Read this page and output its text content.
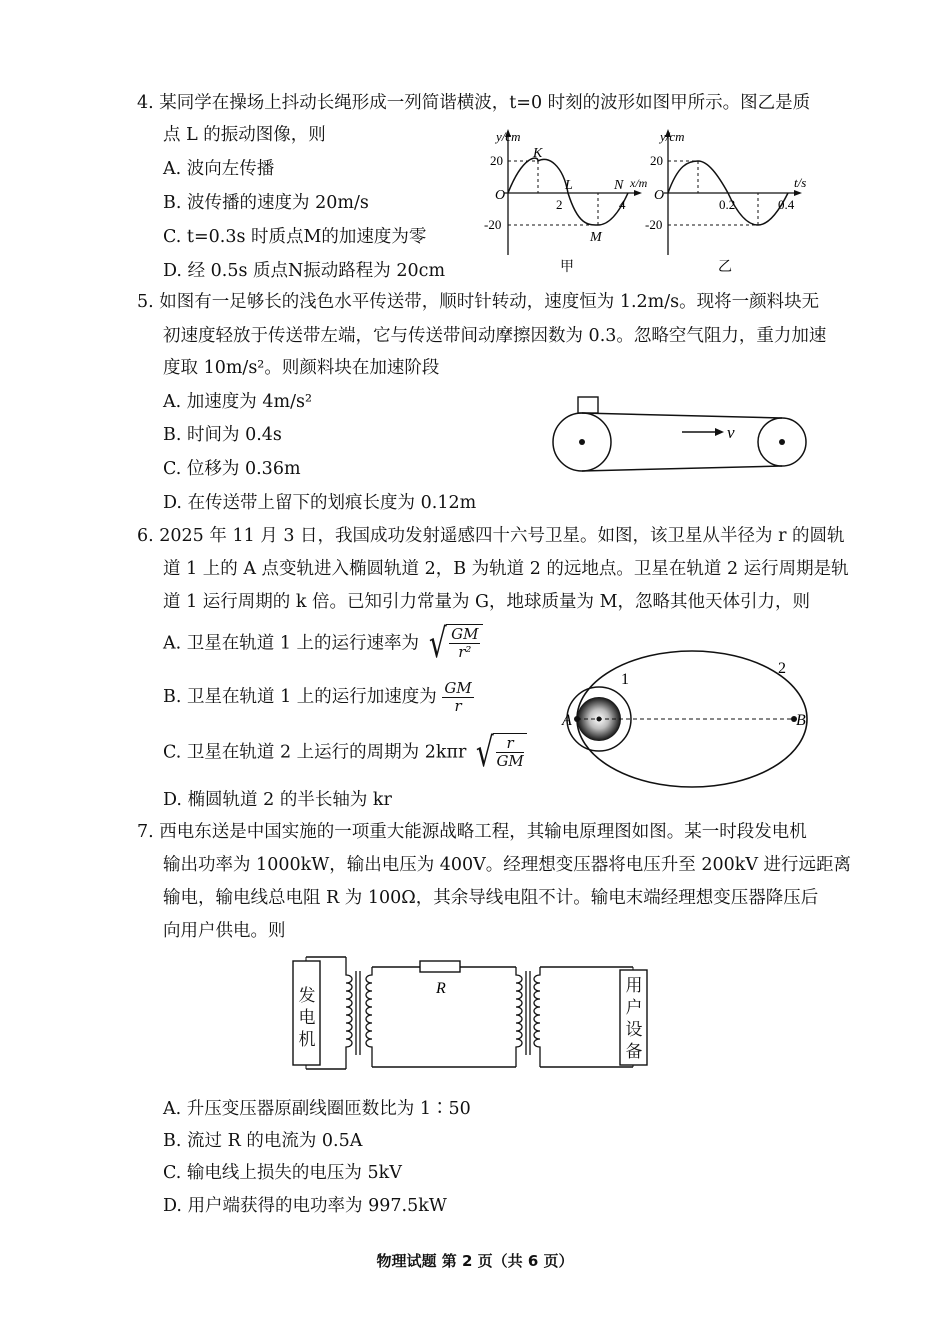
4. 某同学在操场上抖动长绳形成一列简谐横波，t=0 时刻的波形如图甲所示。图乙是质
点 L 的振动图像，则
A. 波向左传播
B. 波传播的速度为 20m/s
C. t=0.3s 时质点M的加速度为零
D. 经 0.5s 质点N振动路程为 20cm
y/cm
x/m
O
20
-20
2	4
K
L	N
M
甲
y/cm
t/s
O
20
-20
0.2	0.4
乙
5. 如图有一足够长的浅色水平传送带，顺时针转动，速度恒为 1.2m/s。现将一颜料块无
初速度轻放于传送带左端，它与传送带间动摩擦因数为 0.3。忽略空气阻力，重力加速
度取 10m/s²。则颜料块在加速阶段
A. 加速度为 4m/s²
B. 时间为 0.4s
C. 位移为 0.36m
D. 在传送带上留下的划痕长度为 0.12m
v
6. 2025 年 11 月 3 日，我国成功发射遥感四十六号卫星。如图，该卫星从半径为 r 的圆轨
道 1 上的 A 点变轨进入椭圆轨道 2，B 为轨道 2 的远地点。卫星在轨道 2 运行周期是轨
道 1 运行周期的 k 倍。已知引力常量为 G，地球质量为 M，忽略其他天体引力，则
A. 卫星在轨道 1 上的运行速率为 √ $\frac{GM}{\text{r²}}$
B. 卫星在轨道 1 上的运行加速度为 $\frac{GM}{r}$
C. 卫星在轨道 2 上运行的周期为 2kπr √ $\frac{r}{GM}$
D. 椭圆轨道 2 的半长轴为 kr
A	B
1
2
7. 西电东送是中国实施的一项重大能源战略工程，其输电原理图如图。某一时段发电机
输出功率为 1000kW，输出电压为 400V。经理想变压器将电压升至 200kV 进行远距离
输电，输电线总电阻 R 为 100Ω，其余导线电阻不计。输电末端经理想变压器降压后
向用户供电。则
R
发电机
用户设备
A. 升压变压器原副线圈匝数比为 1∶50
B. 流过 R 的电流为 0.5A
C. 输电线上损失的电压为 5kV
D. 用户端获得的电功率为 997.5kW
物理试题 第 2 页（共 6 页）
